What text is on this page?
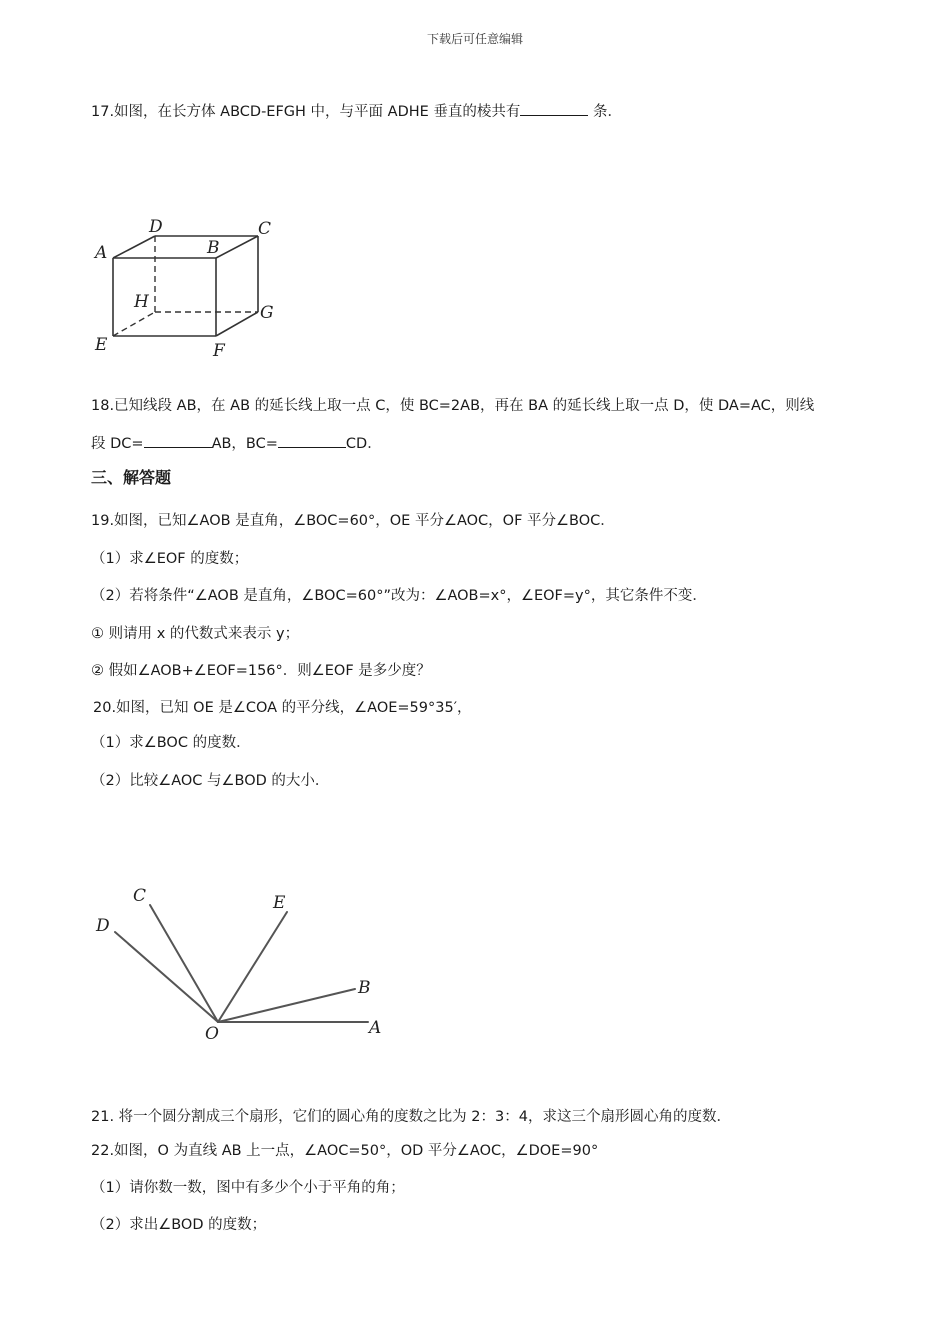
下载后可任意编辑
17.如图，在长方体 ABCD‐EFGH 中，与平面 ADHE 垂直的棱共有	条．
A	B
C
D
E	F
G
H
18.已知线段 AB，在 AB 的延长线上取一点 C，使 BC=2AB，再在 BA 的延长线上取一点 D，使 DA=AC，则线
段 DC=	AB，BC=	CD．
三、解答题
19.如图，已知∠AOB 是直角，∠BOC=60°，OE 平分∠AOC，OF 平分∠BOC．
（1）求∠EOF 的度数；
（2）若将条件“∠AOB 是直角，∠BOC=60°”改为：∠AOB=x°，∠EOF=y°，其它条件不变．
① 则请用 x 的代数式来表示 y；
② 假如∠AOB+∠EOF=156°．则∠EOF 是多少度？
20.如图，已知 OE 是∠COA 的平分线，∠AOE=59°35′，
（1）求∠BOC 的度数．
（2）比较∠AOC 与∠BOD 的大小．
O	A
B
E
C
D
21. 将一个圆分割成三个扇形，它们的圆心角的度数之比为 2：3：4，求这三个扇形圆心角的度数．
22.如图，O 为直线 AB 上一点，∠AOC=50°，OD 平分∠AOC，∠DOE=90°
（1）请你数一数，图中有多少个小于平角的角；
（2）求出∠BOD 的度数；
